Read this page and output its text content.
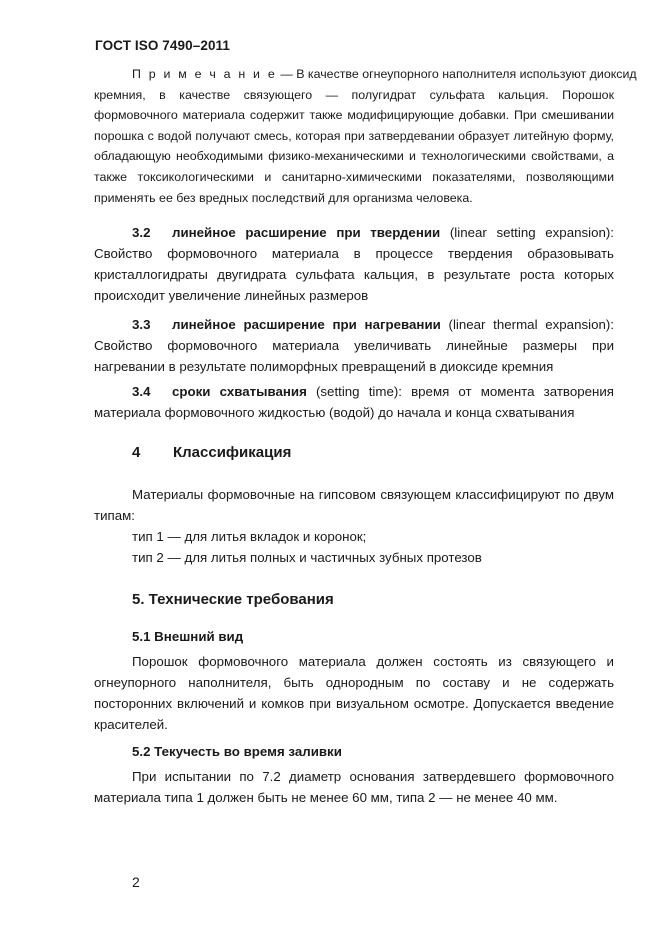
ГОСТ ISO 7490–2011
П р и м е ч а н и е — В качестве огнеупорного наполнителя используют диоксид
кремния, в качестве связующего — полугидрат сульфата кальция. Порошок
формовочного материала содержит также модифицирующие добавки. При смешивании
порошка с водой получают смесь, которая при затвердевании образует литейную форму,
обладающую необходимыми физико-механическими и технологическими свойствами, а
также токсикологическими и санитарно-химическими показателями, позволяющими
применять ее без вредных последствий для организма человека.
3.2 линейное расширение при твердении (linear setting expansion):
Свойство формовочного материала в процессе твердения образовывать
кристаллогидраты двугидрата сульфата кальция, в результате роста которых
происходит увеличение линейных размеров
3.3 линейное расширение при нагревании (linear thermal expansion):
Свойство формовочного материала увеличивать линейные размеры при
нагревании в результате полиморфных превращений в диоксиде кремния
3.4 сроки схватывания (setting time): время от момента затворения
материала формовочного жидкостью (водой) до начала и конца схватывания
4 Классификация
Материалы формовочные на гипсовом связующем классифицируют по двум
типам:
тип 1 — для литья вкладок и коронок;
тип 2 — для литья полных и частичных зубных протезов
5. Технические требования
5.1 Внешний вид
Порошок формовочного материала должен состоять из связующего и
огнеупорного наполнителя, быть однородным по составу и не содержать
посторонних включений и комков при визуальном осмотре. Допускается введение
красителей.
5.2 Текучесть во время заливки
При испытании по 7.2 диаметр основания затвердевшего формовочного
материала типа 1 должен быть не менее 60 мм, типа 2 — не менее 40 мм.
2
